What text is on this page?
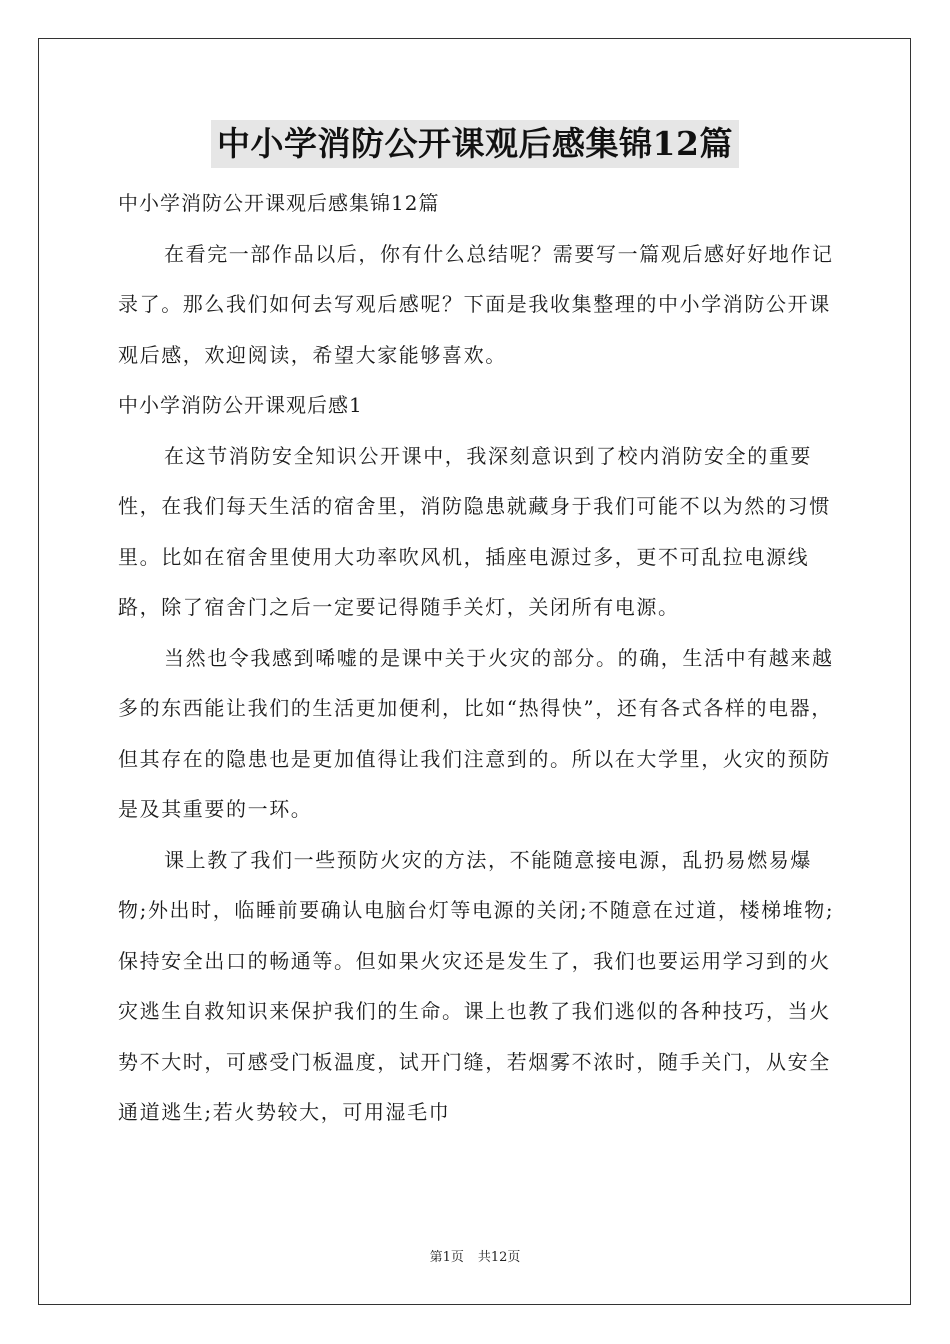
中小学消防公开课观后感集锦12篇

中小学消防公开课观后感集锦12篇

在看完一部作品以后，你有什么总结呢？需要写一篇观后感好好地作记录了。那么我们如何去写观后感呢？下面是我收集整理的中小学消防公开课观后感，欢迎阅读，希望大家能够喜欢。

中小学消防公开课观后感1

在这节消防安全知识公开课中，我深刻意识到了校内消防安全的重要性，在我们每天生活的宿舍里，消防隐患就藏身于我们可能不以为然的习惯里。比如在宿舍里使用大功率吹风机，插座电源过多，更不可乱拉电源线路，除了宿舍门之后一定要记得随手关灯，关闭所有电源。

当然也令我感到唏嘘的是课中关于火灾的部分。的确，生活中有越来越多的东西能让我们的生活更加便利，比如“热得快”，还有各式各样的电器，但其存在的隐患也是更加值得让我们注意到的。所以在大学里，火灾的预防是及其重要的一环。

课上教了我们一些预防火灾的方法，不能随意接电源，乱扔易燃易爆物;外出时，临睡前要确认电脑台灯等电源的关闭;不随意在过道，楼梯堆物;保持安全出口的畅通等。但如果火灾还是发生了，我们也要运用学习到的火灾逃生自救知识来保护我们的生命。课上也教了我们逃似的各种技巧，当火势不大时，可感受门板温度，试开门缝，若烟雾不浓时，随手关门，从安全通道逃生;若火势较大，可用湿毛巾

第1页 共12页
